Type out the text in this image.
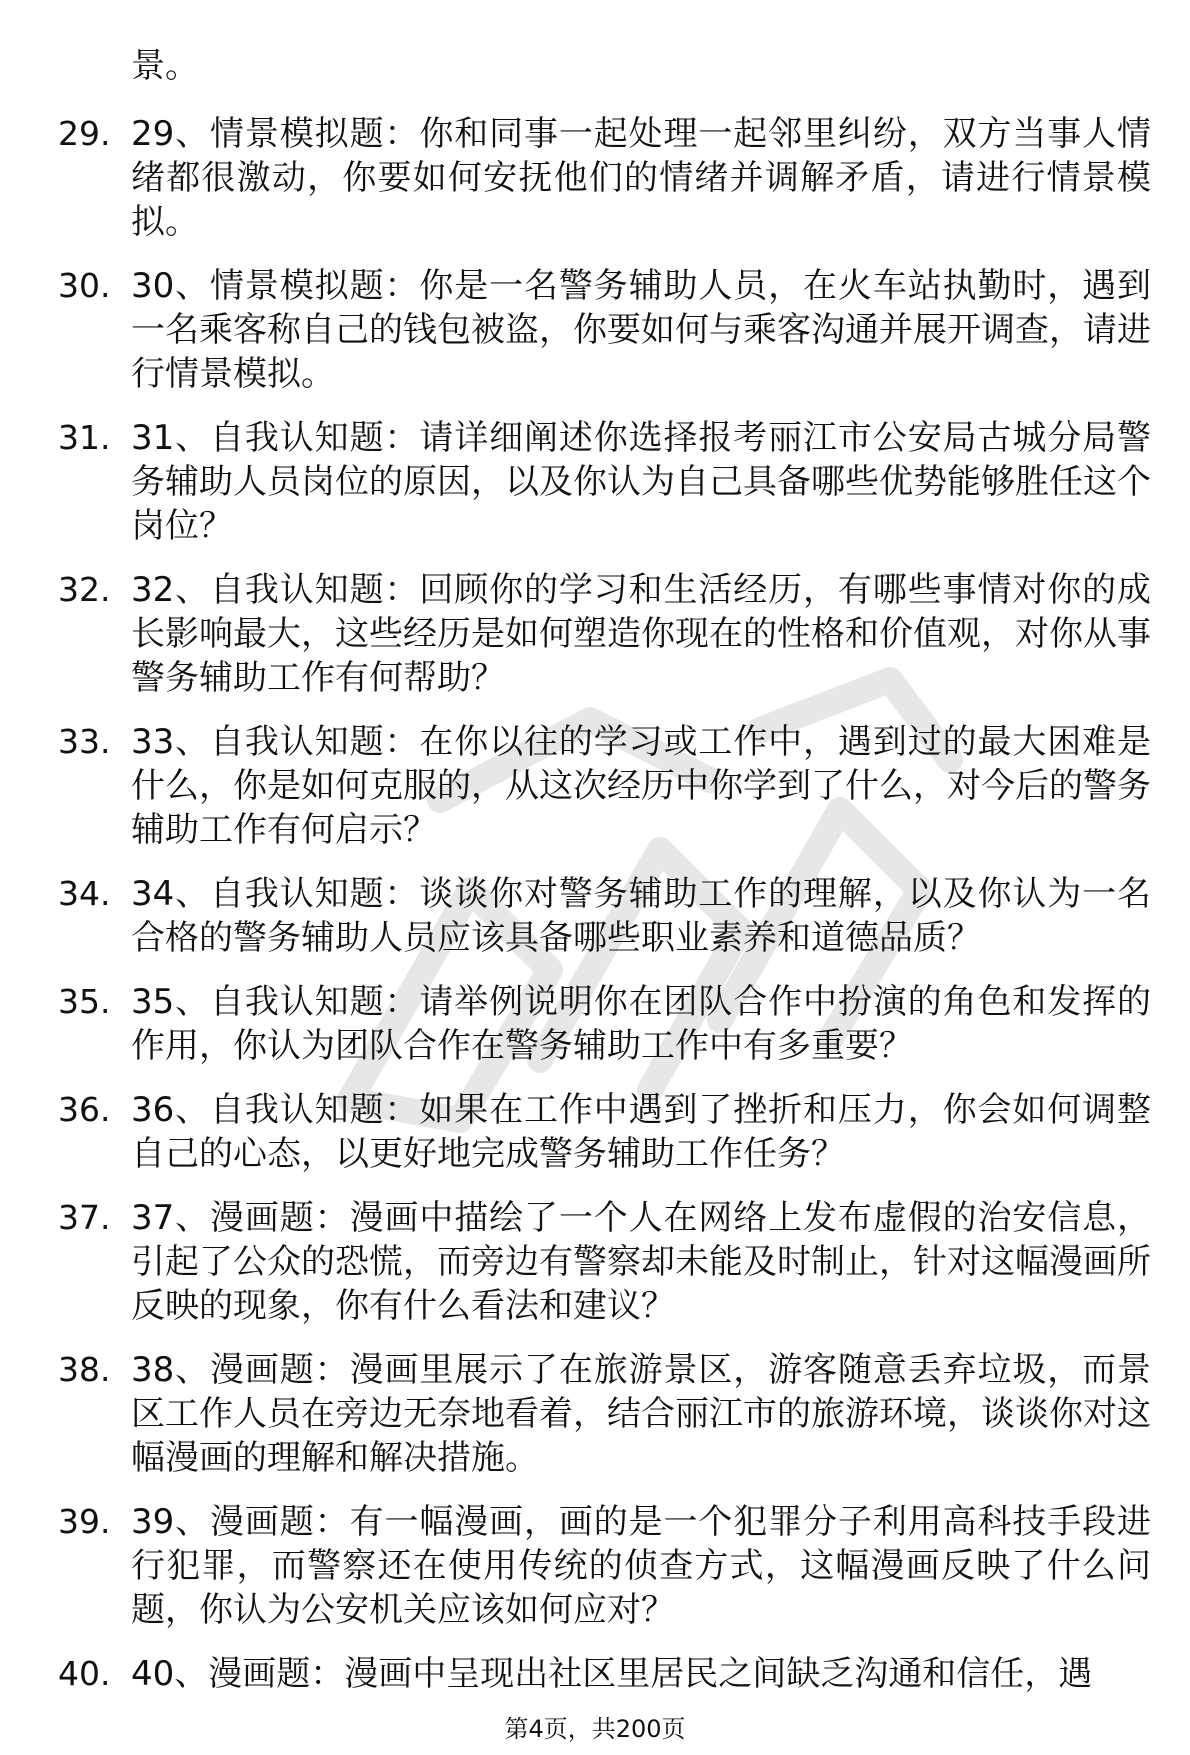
景。
29. 29、情景模拟题：你和同事一起处理一起邻里纠纷，双方当事人情绪都很激动，你要如何安抚他们的情绪并调解矛盾，请进行情景模拟。
30. 30、情景模拟题：你是一名警务辅助人员，在火车站执勤时，遇到一名乘客称自己的钱包被盗，你要如何与乘客沟通并展开调查，请进行情景模拟。
31. 31、自我认知题：请详细阐述你选择报考丽江市公安局古城分局警务辅助人员岗位的原因，以及你认为自己具备哪些优势能够胜任这个岗位？
32. 32、自我认知题：回顾你的学习和生活经历，有哪些事情对你的成长影响最大，这些经历是如何塑造你现在的性格和价值观，对你从事警务辅助工作有何帮助？
33. 33、自我认知题：在你以往的学习或工作中，遇到过的最大困难是什么，你是如何克服的，从这次经历中你学到了什么，对今后的警务辅助工作有何启示？
34. 34、自我认知题：谈谈你对警务辅助工作的理解，以及你认为一名合格的警务辅助人员应该具备哪些职业素养和道德品质？
35. 35、自我认知题：请举例说明你在团队合作中扮演的角色和发挥的作用，你认为团队合作在警务辅助工作中有多重要？
36. 36、自我认知题：如果在工作中遇到了挫折和压力，你会如何调整自己的心态，以更好地完成警务辅助工作任务？
37. 37、漫画题：漫画中描绘了一个人在网络上发布虚假的治安信息，引起了公众的恐慌，而旁边有警察却未能及时制止，针对这幅漫画所反映的现象，你有什么看法和建议？
38. 38、漫画题：漫画里展示了在旅游景区，游客随意丢弃垃圾，而景区工作人员在旁边无奈地看着，结合丽江市的旅游环境，谈谈你对这幅漫画的理解和解决措施。
39. 39、漫画题：有一幅漫画，画的是一个犯罪分子利用高科技手段进行犯罪，而警察还在使用传统的侦查方式，这幅漫画反映了什么问题，你认为公安机关应该如何应对？
40. 40、漫画题：漫画中呈现出社区里居民之间缺乏沟通和信任，遇
第4页，共200页
